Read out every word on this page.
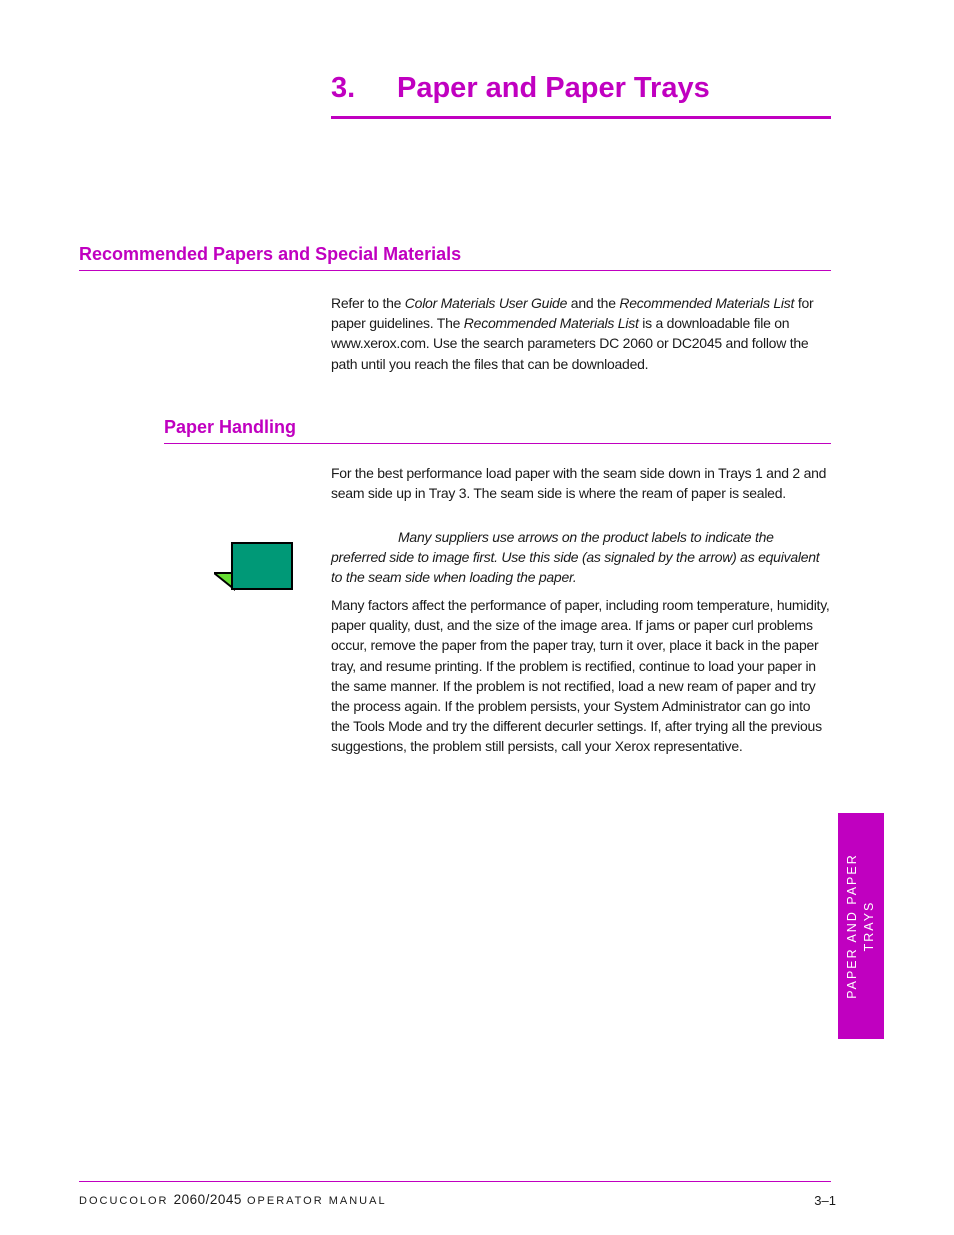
3. Paper and Paper Trays
Recommended Papers and Special Materials

Refer to the Color Materials User Guide and the Recommended Materials List for paper guidelines. The Recommended Materials List is a downloadable file on www.xerox.com. Use the search parameters DC 2060 or DC2045 and follow the path until you reach the files that can be downloaded.

Paper Handling

For the best performance load paper with the seam side down in Trays 1 and 2 and seam side up in Tray 3. The seam side is where the ream of paper is sealed.

Many suppliers use arrows on the product labels to indicate the preferred side to image first. Use this side (as signaled by the arrow) as equivalent to the seam side when loading the paper.

Many factors affect the performance of paper, including room temperature, humidity, paper quality, dust, and the size of the image area. If jams or paper curl problems occur, remove the paper from the paper tray, turn it over, place it back in the paper tray, and resume printing. If the problem is rectified, continue to load your paper in the same manner. If the problem is not rectified, load a new ream of paper and try the process again. If the problem persists, your System Administrator can go into the Tools Mode and try the different decurler settings. If, after trying all the previous suggestions, the problem still persists, call your Xerox representative.

PAPER AND PAPER TRAYS
DOCUCOLOR 2060/2045 OPERATOR MANUAL	3–1
